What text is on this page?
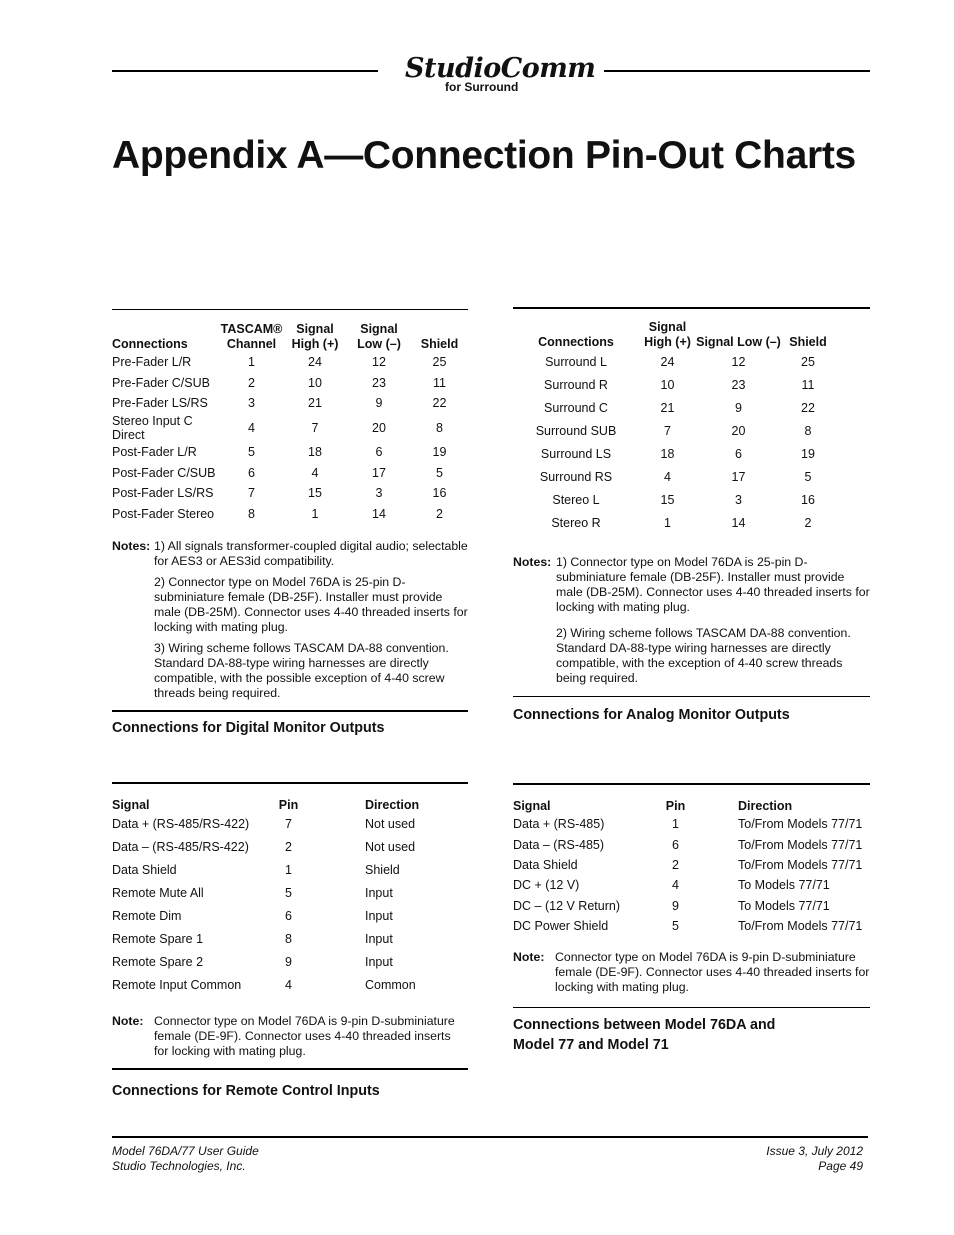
StudioComm
for Surround
Appendix A—Connection Pin-Out Charts
Connections	TASCAM® Channel	Signal High (+)	Signal Low (–)	Shield
Pre-Fader L/R	1	24	12	25
Pre-Fader C/SUB	2	10	23	11
Pre-Fader LS/RS	3	21	9	22
Stereo Input C Direct	4	7	20	8
Post-Fader L/R	5	18	6	19
Post-Fader C/SUB	6	4	17	5
Post-Fader LS/RS	7	15	3	16
Post-Fader Stereo	8	1	14	2
Notes: 1) All signals transformer-coupled digital audio; selectable for AES3 or AES3id compatibility.

2) Connector type on Model 76DA is 25-pin D-subminiature female (DB-25F). Installer must provide male (DB-25M). Connector uses 4-40 threaded inserts for locking with mating plug.

3) Wiring scheme follows TASCAM DA-88 convention. Standard DA-88-type wiring harnesses are directly compatible, with the possible exception of 4-40 screw threads being required.

Connections for Digital Monitor Outputs
Connections	Signal High (+)	Signal Low (–)	Shield
Surround L	24	12	25
Surround R	10	23	11
Surround C	21	9	22
Surround SUB	7	20	8
Surround LS	18	6	19
Surround RS	4	17	5
Stereo L	15	3	16
Stereo R	1	14	2
Notes: 1) Connector type on Model 76DA is 25-pin D-subminiature female (DB-25F). Installer must provide male (DB-25M). Connector uses 4-40 threaded inserts for locking with mating plug.

2) Wiring scheme follows TASCAM DA-88 convention. Standard DA-88-type wiring harnesses are directly compatible, with the exception of 4-40 screw threads being required.

Connections for Analog Monitor Outputs
Signal	Pin	Direction
Data + (RS-485/RS-422)	7	Not used
Data – (RS-485/RS-422)	2	Not used
Data Shield	1	Shield
Remote Mute All	5	Input
Remote Dim	6	Input
Remote Spare 1	8	Input
Remote Spare 2	9	Input
Remote Input Common	4	Common
Note: Connector type on Model 76DA is 9-pin D-subminiature female (DE-9F). Connector uses 4-40 threaded inserts for locking with mating plug.

Connections for Remote Control Inputs
Signal	Pin	Direction
Data + (RS-485)	1	To/From Models 77/71
Data – (RS-485)	6	To/From Models 77/71
Data Shield	2	To/From Models 77/71
DC + (12 V)	4	To Models 77/71
DC – (12 V Return)	9	To Models 77/71
DC Power Shield	5	To/From Models 77/71
Note: Connector type on Model 76DA is 9-pin D-subminiature female (DE-9F). Connector uses 4-40 threaded inserts for locking with mating plug.

Connections between Model 76DA and
Model 77 and Model 71
Model 76DA/77 User Guide
Studio Technologies, Inc.
Issue 3, July 2012
Page 49
